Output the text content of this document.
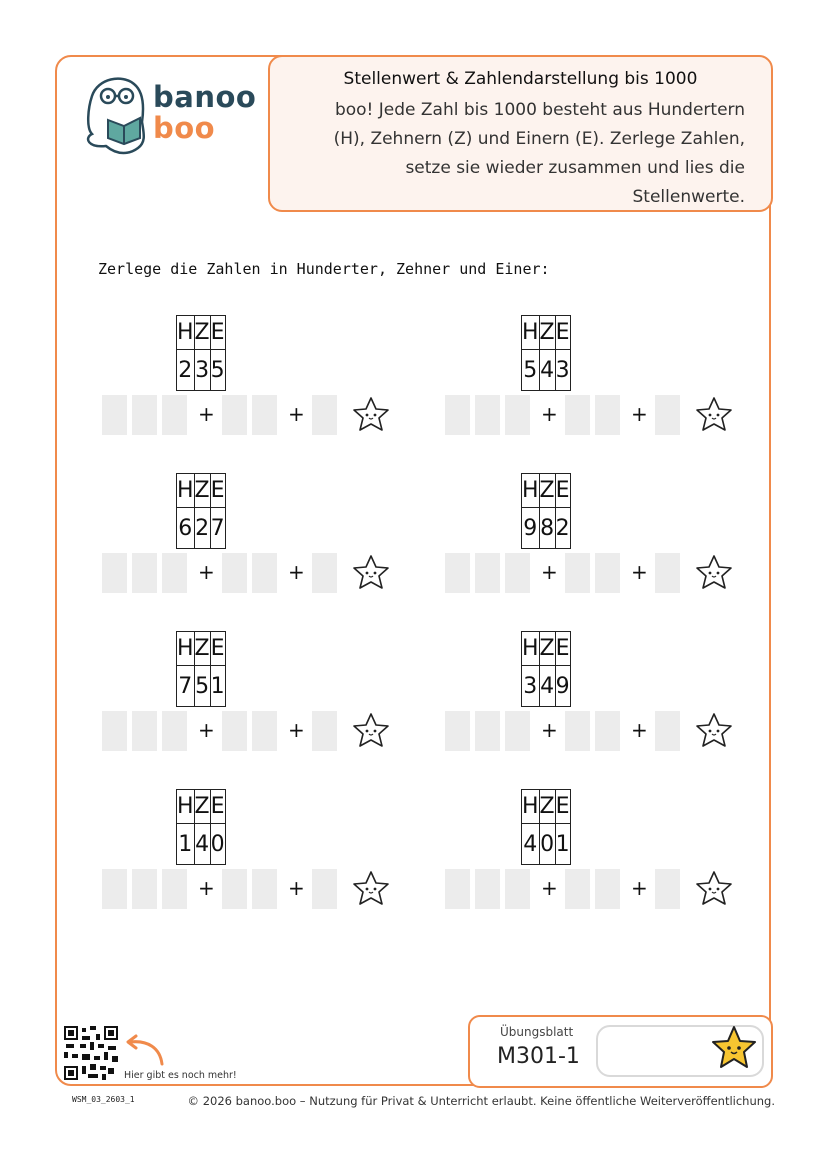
banoo
boo
Stellenwert & Zahlendarstellung bis 1000
boo! Jede Zahl bis 1000 besteht aus Hundertern (H), Zehnern (Z) und Einern (E). Zerlege Zahlen, setze sie wieder zusammen und lies die Stellenwerte.
Zerlege die Zahlen in Hunderter, Zehner und Einer:
H	Z	E
2	3	5
+	+
H	Z	E
5	4	3
+	+
H	Z	E
6	2	7
+	+
H	Z	E
9	8	2
+	+
H	Z	E
7	5	1
+	+
H	Z	E
3	4	9
+	+
H	Z	E
1	4	0
+	+
H	Z	E
4	0	1
+	+
Hier gibt es noch mehr!
Übungsblatt
M301-1
WSM_03_2603_1	© 2026 banoo.boo – Nutzung für Privat & Unterricht erlaubt. Keine öffentliche Weiterveröffentlichung.
